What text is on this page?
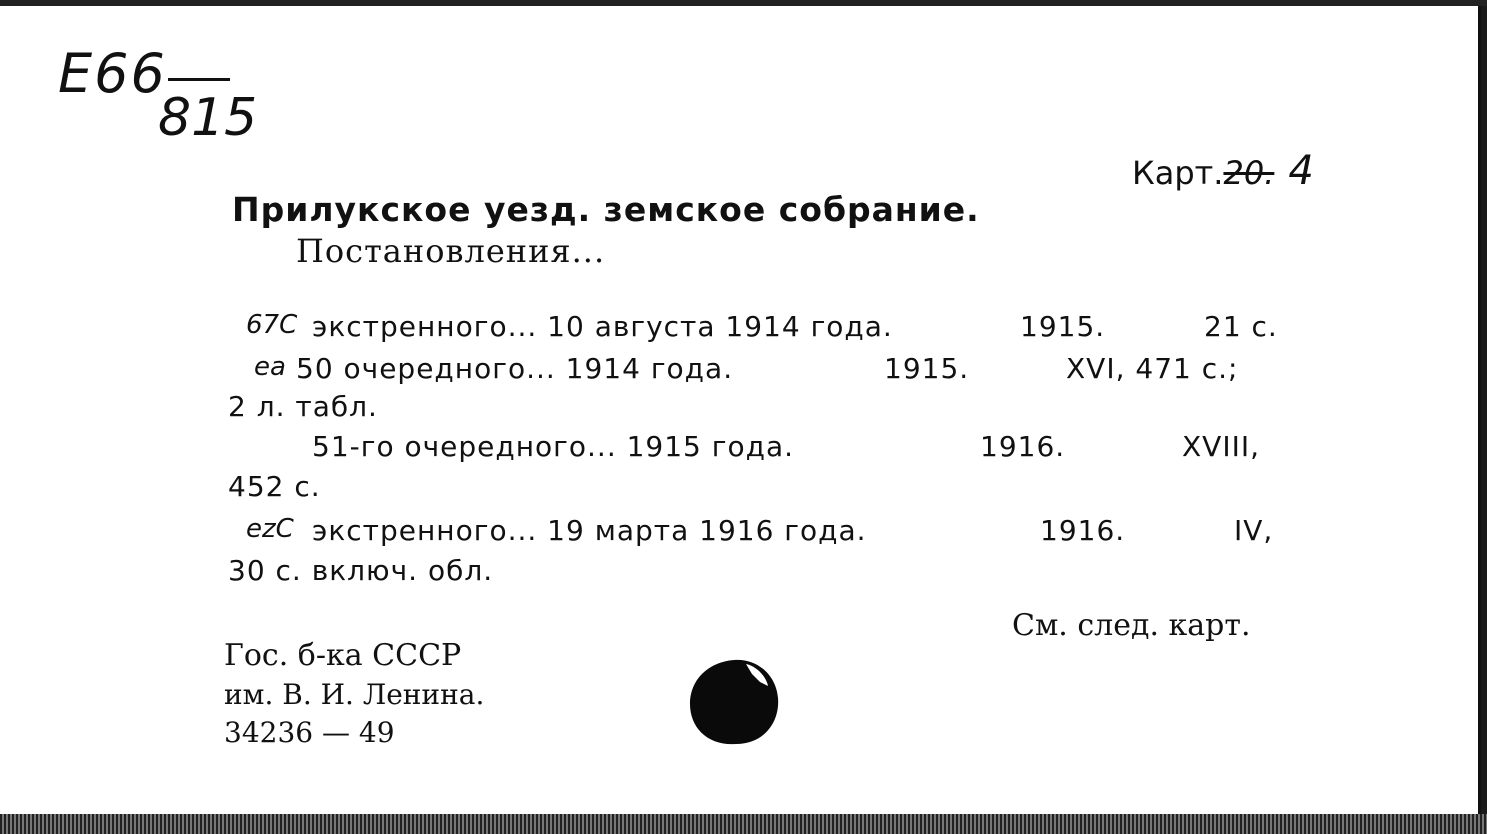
E66
815
Карт.20. 4
Прилукское уезд. земское собрание.
Постановления...
67C экстренного... 10 августа 1914 года.	1915.	21 с.
ea 50 очередного... 1914 года.	1915.	XVI, 471 с.;
2 л. табл.
51-го очередного... 1915 года.	1916.	XVIII,
452 с.
ezC экстренного... 19 марта 1916 года.	1916.	IV,
30 с. включ. обл.
См. след. карт.
Гос. б-ка СССР
им. В. И. Ленина.
34236 — 49
